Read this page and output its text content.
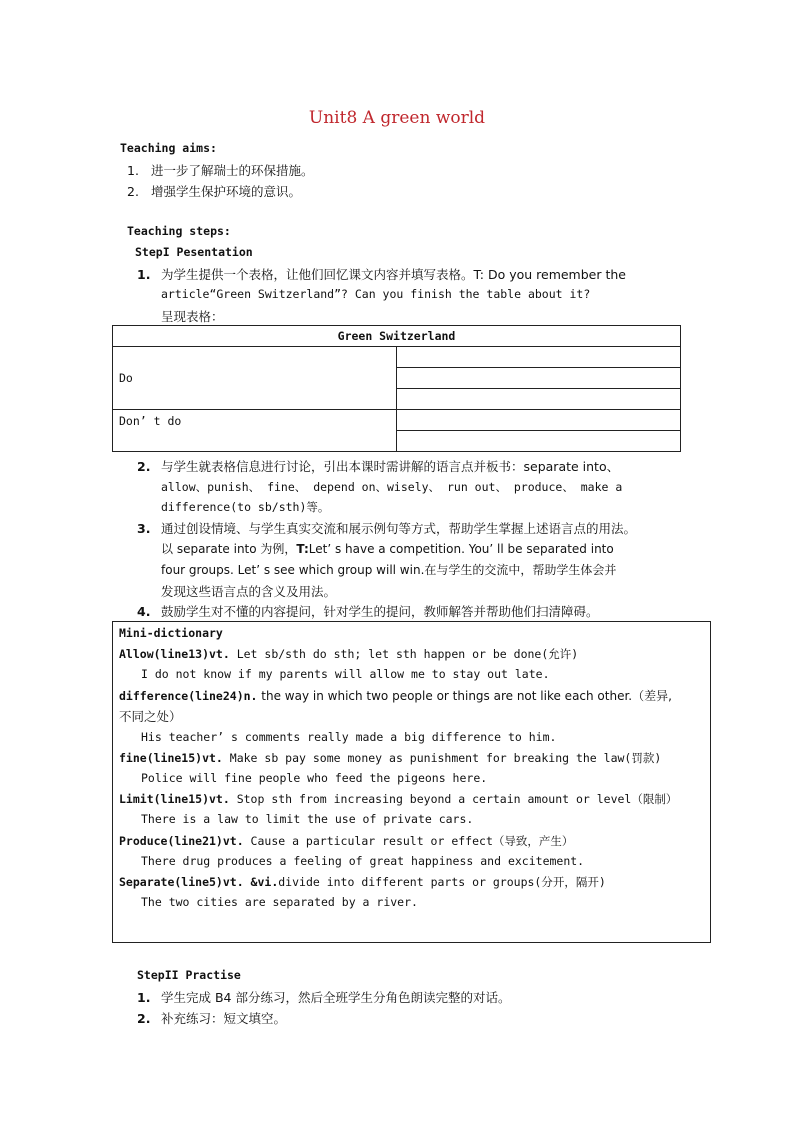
Unit8 A green world
Teaching aims:
1. 进一步了解瑞士的环保措施。
2. 增强学生保护环境的意识。
Teaching steps:
StepI Pesentation
1. 为学生提供一个表格，让他们回忆课文内容并填写表格。T: Do you remember the
article“Green Switzerland”? Can you finish the table about it?
呈现表格：
Green Switzerland	
Do	

Don’ t do	

2. 与学生就表格信息进行讨论，引出本课时需讲解的语言点并板书：separate into、
allow、punish、 fine、 depend on、wisely、 run out、 produce、 make a
difference(to sb/sth)等。
3. 通过创设情境、与学生真实交流和展示例句等方式，帮助学生掌握上述语言点的用法。
以 separate into 为例，T:Let’ s have a competition. You’ ll be separated into
four groups. Let’ s see which group will win.在与学生的交流中，帮助学生体会并
发现这些语言点的含义及用法。
4. 鼓励学生对不懂的内容提问，针对学生的提问，教师解答并帮助他们扫清障碍。
Mini-dictionary
Allow(line13)vt. Let sb/sth do sth; let sth happen or be done(允许)
I do not know if my parents will allow me to stay out late.
difference(line24)n. the way in which two people or things are not like each other.（差异,
不同之处）
His teacher’ s comments really made a big difference to him.
fine(line15)vt. Make sb pay some money as punishment for breaking the law(罚款)
Police will fine people who feed the pigeons here.
Limit(line15)vt. Stop sth from increasing beyond a certain amount or level（限制）
There is a law to limit the use of private cars.
Produce(line21)vt. Cause a particular result or effect（导致，产生）
There drug produces a feeling of great happiness and excitement.
Separate(line5)vt. &vi.divide into different parts or groups(分开，隔开)
The two cities are separated by a river.
StepII Practise
1. 学生完成 B4 部分练习，然后全班学生分角色朗读完整的对话。
2. 补充练习：短文填空。
